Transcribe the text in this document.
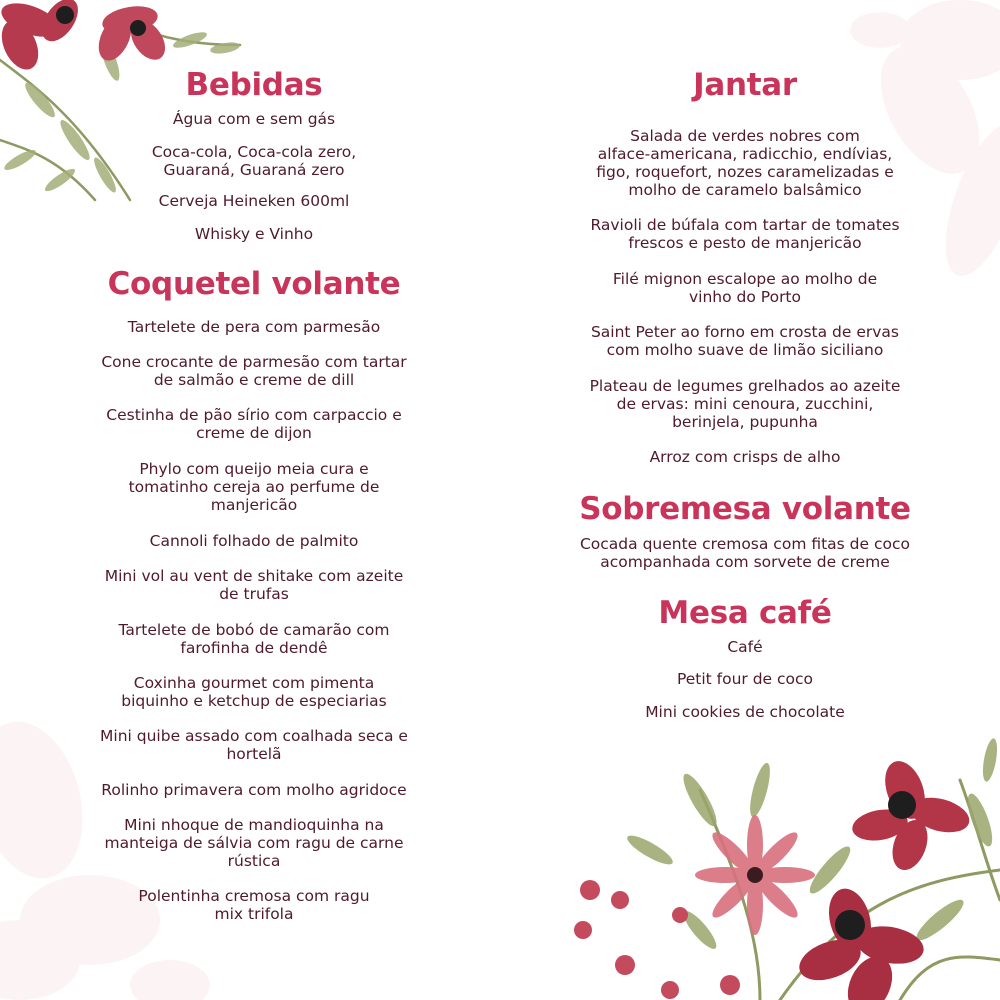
Bebidas

Água com e sem gás

Coca-cola, Coca-cola zero,
Guaraná, Guaraná zero

Cerveja Heineken 600ml

Whisky e Vinho

Coquetel volante

Tartelete de pera com parmesão

Cone crocante de parmesão com tartar
de salmão e creme de dill

Cestinha de pão sírio com carpaccio e
creme de dijon

Phylo com queijo meia cura e
tomatinho cereja ao perfume de
manjericão

Cannoli folhado de palmito

Mini vol au vent de shitake com azeite
de trufas

Tartelete de bobó de camarão com
farofinha de dendê

Coxinha gourmet com pimenta
biquinho e ketchup de especiarias

Mini quibe assado com coalhada seca e
hortelã

Rolinho primavera com molho agridoce

Mini nhoque de mandioquinha na
manteiga de sálvia com ragu de carne
rústica

Polentinha cremosa com ragu
mix trifola

Jantar

Salada de verdes nobres com
alface-americana, radicchio, endívias,
figo, roquefort, nozes caramelizadas e
molho de caramelo balsâmico

Ravioli de búfala com tartar de tomates
frescos e pesto de manjericão

Filé mignon escalope ao molho de
vinho do Porto

Saint Peter ao forno em crosta de ervas
com molho suave de limão siciliano

Plateau de legumes grelhados ao azeite
de ervas: mini cenoura, zucchini,
berinjela, pupunha

Arroz com crisps de alho

Sobremesa volante

Cocada quente cremosa com fitas de coco
acompanhada com sorvete de creme

Mesa café

Café

Petit four de coco

Mini cookies de chocolate
